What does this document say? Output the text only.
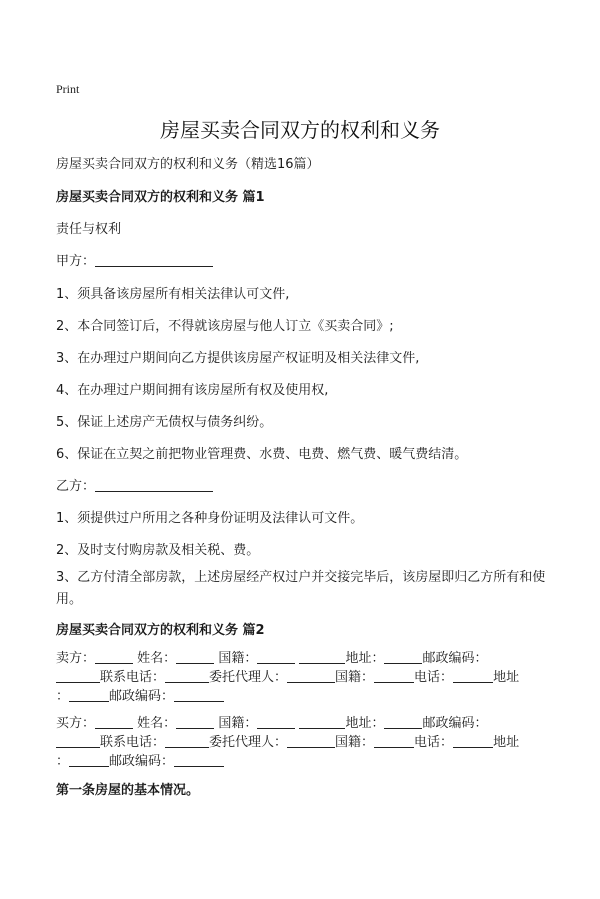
Print
房屋买卖合同双方的权利和义务
房屋买卖合同双方的权利和义务（精选16篇）
房屋买卖合同双方的权利和义务 篇1
责任与权利
甲方：
1、须具备该房屋所有相关法律认可文件,
2、本合同签订后，不得就该房屋与他人订立《买卖合同》;
3、在办理过户期间向乙方提供该房屋产权证明及相关法律文件,
4、在办理过户期间拥有该房屋所有权及使用权,
5、保证上述房产无债权与债务纠纷。
6、保证在立契之前把物业管理费、水费、电费、燃气费、暖气费结清。
乙方：
1、须提供过户所用之各种身份证明及法律认可文件。
2、及时支付购房款及相关税、费。
3、乙方付清全部房款，上述房屋经产权过户并交接完毕后，该房屋即归乙方所有和使用。
房屋买卖合同双方的权利和义务 篇2
卖方：	姓名：	国籍：	地址：	邮政编码：
联系电话：	委托代理人：	国籍：	电话：	地址
：	邮政编码：
买方：	姓名：	国籍：	地址：	邮政编码：
联系电话：	委托代理人：	国籍：	电话：	地址
：	邮政编码：
第一条房屋的基本情况。
